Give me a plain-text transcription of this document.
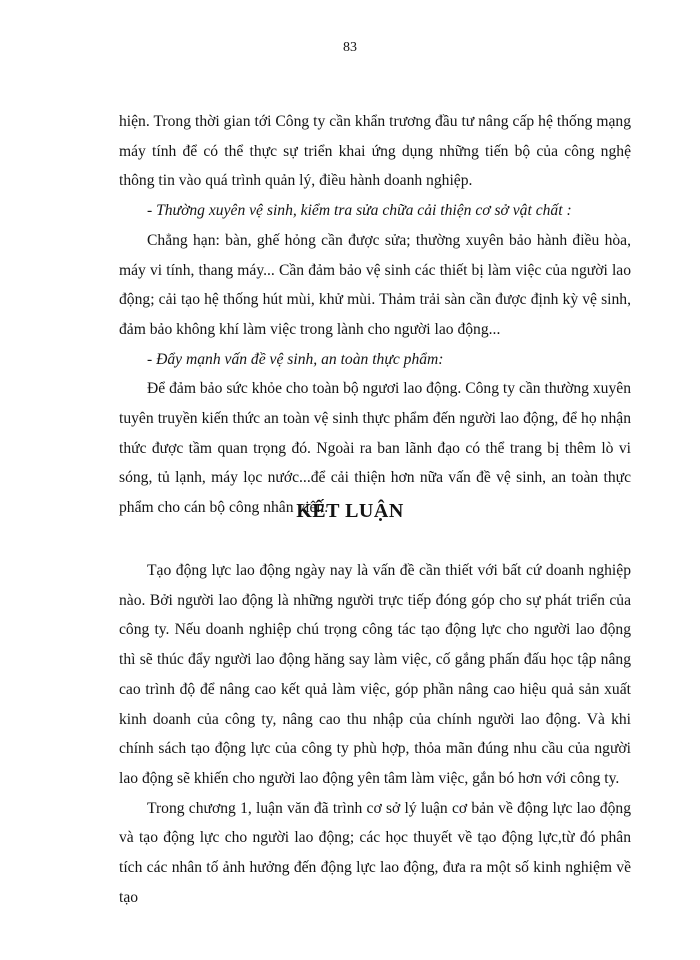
83

hiện. Trong thời gian tới Công ty cần khẩn trương đầu tư nâng cấp hệ thống mạng máy tính để có thể thực sự triển khai ứng dụng những tiến bộ của công nghệ thông tin vào quá trình quản lý, điều hành doanh nghiệp.

- Thường xuyên vệ sinh, kiểm tra sửa chữa cải thiện cơ sở vật chất :

Chẳng hạn: bàn, ghế hỏng cần được sửa; thường xuyên bảo hành điều hòa, máy vi tính, thang máy... Cần đảm bảo vệ sinh các thiết bị làm việc của người lao động; cải tạo hệ thống hút mùi, khử mùi. Thảm trải sàn cần được định kỳ vệ sinh, đảm bảo không khí làm việc trong lành cho người lao động...

- Đẩy mạnh vấn đề vệ sinh, an toàn thực phẩm:

Để đảm bảo sức khỏe cho toàn bộ ngươi lao động. Công ty cần thường xuyên tuyên truyền kiến thức an toàn vệ sinh thực phẩm đến người lao động, để họ nhận thức được tầm quan trọng đó. Ngoài ra ban lãnh đạo có thể trang bị thêm lò vi sóng, tủ lạnh, máy lọc nước...để cải thiện hơn nữa vấn đề vệ sinh, an toàn thực phẩm cho cán bộ công nhân viên.

KẾT LUẬN

Tạo động lực lao động ngày nay là vấn đề cần thiết với bất cứ doanh nghiệp nào. Bởi người lao động là những người trực tiếp đóng góp cho sự phát triển của công ty. Nếu doanh nghiệp chú trọng công tác tạo động lực cho người lao động thì sẽ thúc đẩy người lao động hăng say làm việc, cố gắng phấn đấu học tập nâng cao trình độ để nâng cao kết quả làm việc, góp phần nâng cao hiệu quả sản xuất kinh doanh của công ty, nâng cao thu nhập của chính người lao động. Và khi chính sách tạo động lực của công ty phù hợp, thỏa mãn đúng nhu cầu của người lao động sẽ khiến cho người lao động yên tâm làm việc, gắn bó hơn với công ty.

Trong chương 1, luận văn đã trình cơ sở lý luận cơ bản về động lực lao động và tạo động lực cho người lao động; các học thuyết về tạo động lực,từ đó phân tích các nhân tố ảnh hưởng đến động lực lao động, đưa ra một số kinh nghiệm về tạo
